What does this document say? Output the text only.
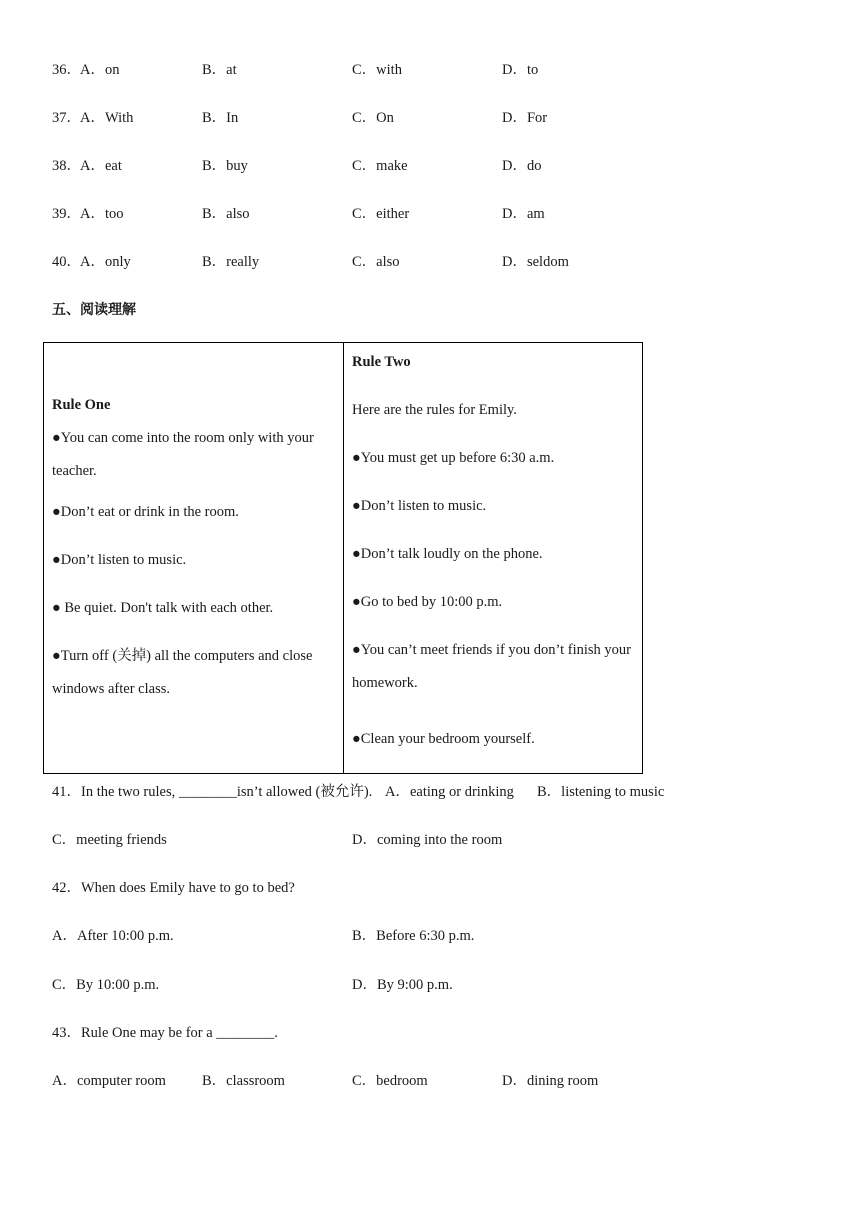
36． A．on	B．at	C．with	D．to
37． A．With	B．In	C．On	D．For
38． A．eat	B．buy	C．make	D．do
39． A．too	B．also	C．either	D．am
40． A．only	B．really	C．also	D．seldom
五、阅读理解
Rule One
●You can come into the room only with your teacher.
●Don’t eat or drink in the room.
●Don’t listen to music.
● Be quiet. Don't talk with each other.
●Turn off (关掉) all the computers and close windows after class.

Rule Two
Here are the rules for Emily.
●You must get up before 6:30 a.m.
●Don’t listen to music.
●Don’t talk loudly on the phone.
●Go to bed by 10:00 p.m.
●You can’t meet friends if you don’t finish your homework.
●Clean your bedroom yourself.
41．In the two rules, ________isn’t allowed (被允许). A．eating or drinking B．listening to music
C．meeting friends	D．coming into the room
42．When does Emily have to go to bed?
A．After 10:00 p.m.	B．Before 6:30 p.m.
C．By 10:00 p.m.	D．By 9:00 p.m.
43．Rule One may be for a ________.
A．computer room B．classroom	C．bedroom	D．dining room
